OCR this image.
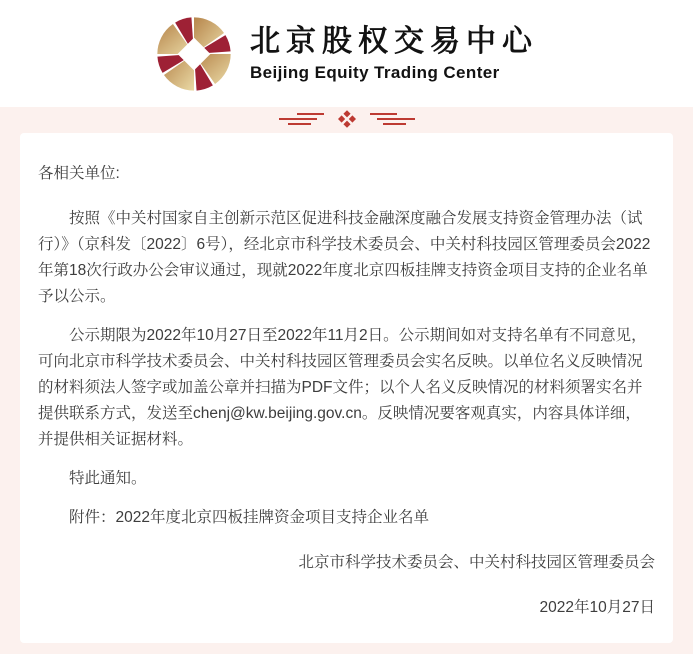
北京股权交易中心
Beijing Equity Trading Center

各相关单位:

按照《中关村国家自主创新示范区促进科技金融深度融合发展支持资金管理办法（试行）》（京科发〔2022〕6号），经北京市科学技术委员会、中关村科技园区管理委员会2022年第18次行政办公会审议通过，现就2022年度北京四板挂牌支持资金项目支持的企业名单予以公示。

公示期限为2022年10月27日至2022年11月2日。公示期间如对支持名单有不同意见，可向北京市科学技术委员会、中关村科技园区管理委员会实名反映。以单位名义反映情况的材料须法人签字或加盖公章并扫描为PDF文件；以个人名义反映情况的材料须署实名并提供联系方式，发送至chenj@kw.beijing.gov.cn。反映情况要客观真实，内容具体详细，并提供相关证据材料。

特此通知。

附件：2022年度北京四板挂牌资金项目支持企业名单

北京市科学技术委员会、中关村科技园区管理委员会

2022年10月27日
